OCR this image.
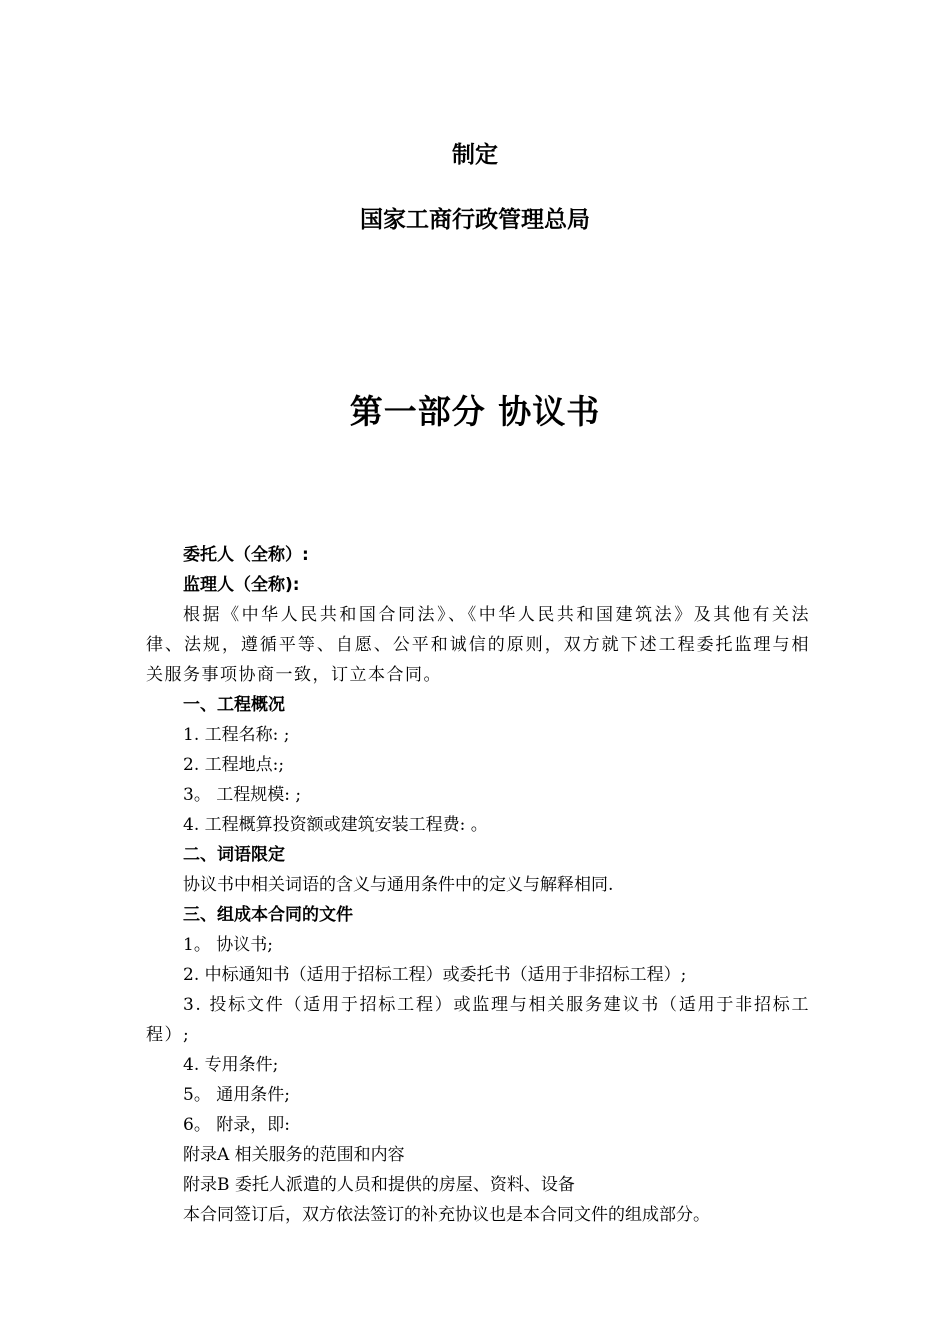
制定
国家工商行政管理总局
第一部分 协议书
委托人（全称）:
监理人（全称):
根据《中华人民共和国合同法》、《中华人民共和国建筑法》及其他有关法律、法规，遵循平等、自愿、公平和诚信的原则，双方就下述工程委托监理与相关服务事项协商一致，订立本合同。
一、工程概况
1. 工程名称: ;
2. 工程地点:;
3。 工程规模: ;
4. 工程概算投资额或建筑安装工程费: 。
二、词语限定
协议书中相关词语的含义与通用条件中的定义与解释相同.
三、组成本合同的文件
1。 协议书;
2. 中标通知书（适用于招标工程）或委托书（适用于非招标工程）;
3. 投标文件（适用于招标工程）或监理与相关服务建议书（适用于非招标工程）;
4. 专用条件;
5。 通用条件;
6。 附录，即:
附录A 相关服务的范围和内容
附录B 委托人派遣的人员和提供的房屋、资料、设备
本合同签订后，双方依法签订的补充协议也是本合同文件的组成部分。
